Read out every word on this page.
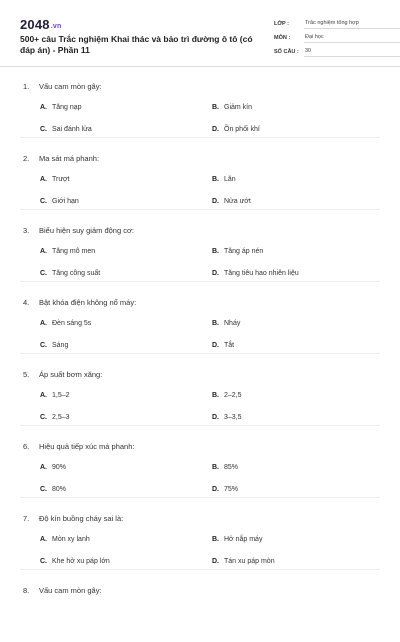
2048.vn
500+ câu Trắc nghiệm Khai thác và bảo trì đường ô tô (có đáp án) - Phần 11
LỚP :	Trắc nghiệm tổng hợp
MÔN :	Đại học
SỐ CÂU :	30
1. Vấu cam mòn gây:
A. Tăng nạp	B. Giảm kín
C. Sai đánh lửa	D. Ồn phối khí
2. Ma sát má phanh:
A. Trượt	B. Lăn
C. Giới hạn	D. Nửa ướt
3. Biểu hiện suy giảm động cơ:
A. Tăng mô men	B. Tăng áp nén
C. Tăng công suất	D. Tăng tiêu hao nhiên liệu
4. Bật khóa điện không nổ máy:
A. Đèn sáng 5s	B. Nháy
C. Sáng	D. Tắt
5. Áp suất bơm xăng:
A. 1,5–2	B. 2–2,5
C. 2,5–3	D. 3–3,5
6. Hiệu quả tiếp xúc má phanh:
A. 90%	B. 85%
C. 80%	D. 75%
7. Độ kín buồng cháy sai là:
A. Mòn xy lanh	B. Hở nắp máy
C. Khe hở xu páp lớn	D. Tán xu páp mòn
8. Vấu cam mòn gây:
